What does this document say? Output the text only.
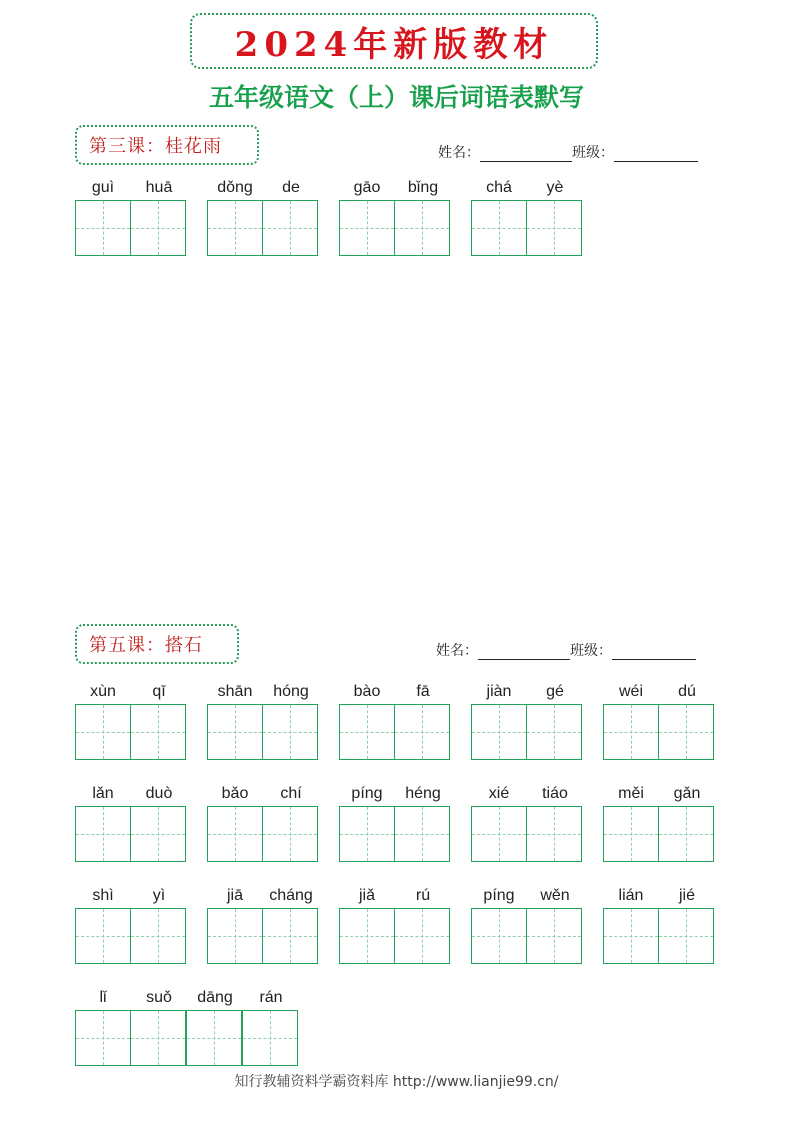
2024年新版教材
五年级语文（上）课后词语表默写
第三课：桂花雨	姓名：	班级：
guì	huā	dǒng	de	gāo	bǐng	chá	yè
第五课：搭石	姓名：	班级：
xùn	qī	shān	hóng	bào	fā	jiàn	gé	wéi	dú
lǎn	duò	bǎo	chí	píng	héng	xié	tiáo	měi	gǎn
shì	yì	jiā	cháng	jiǎ	rú	píng	wěn	lián	jié
lǐ	suǒ	dāng	rán
知行教辅资料学霸资料库 http://www.lianjie99.cn/
